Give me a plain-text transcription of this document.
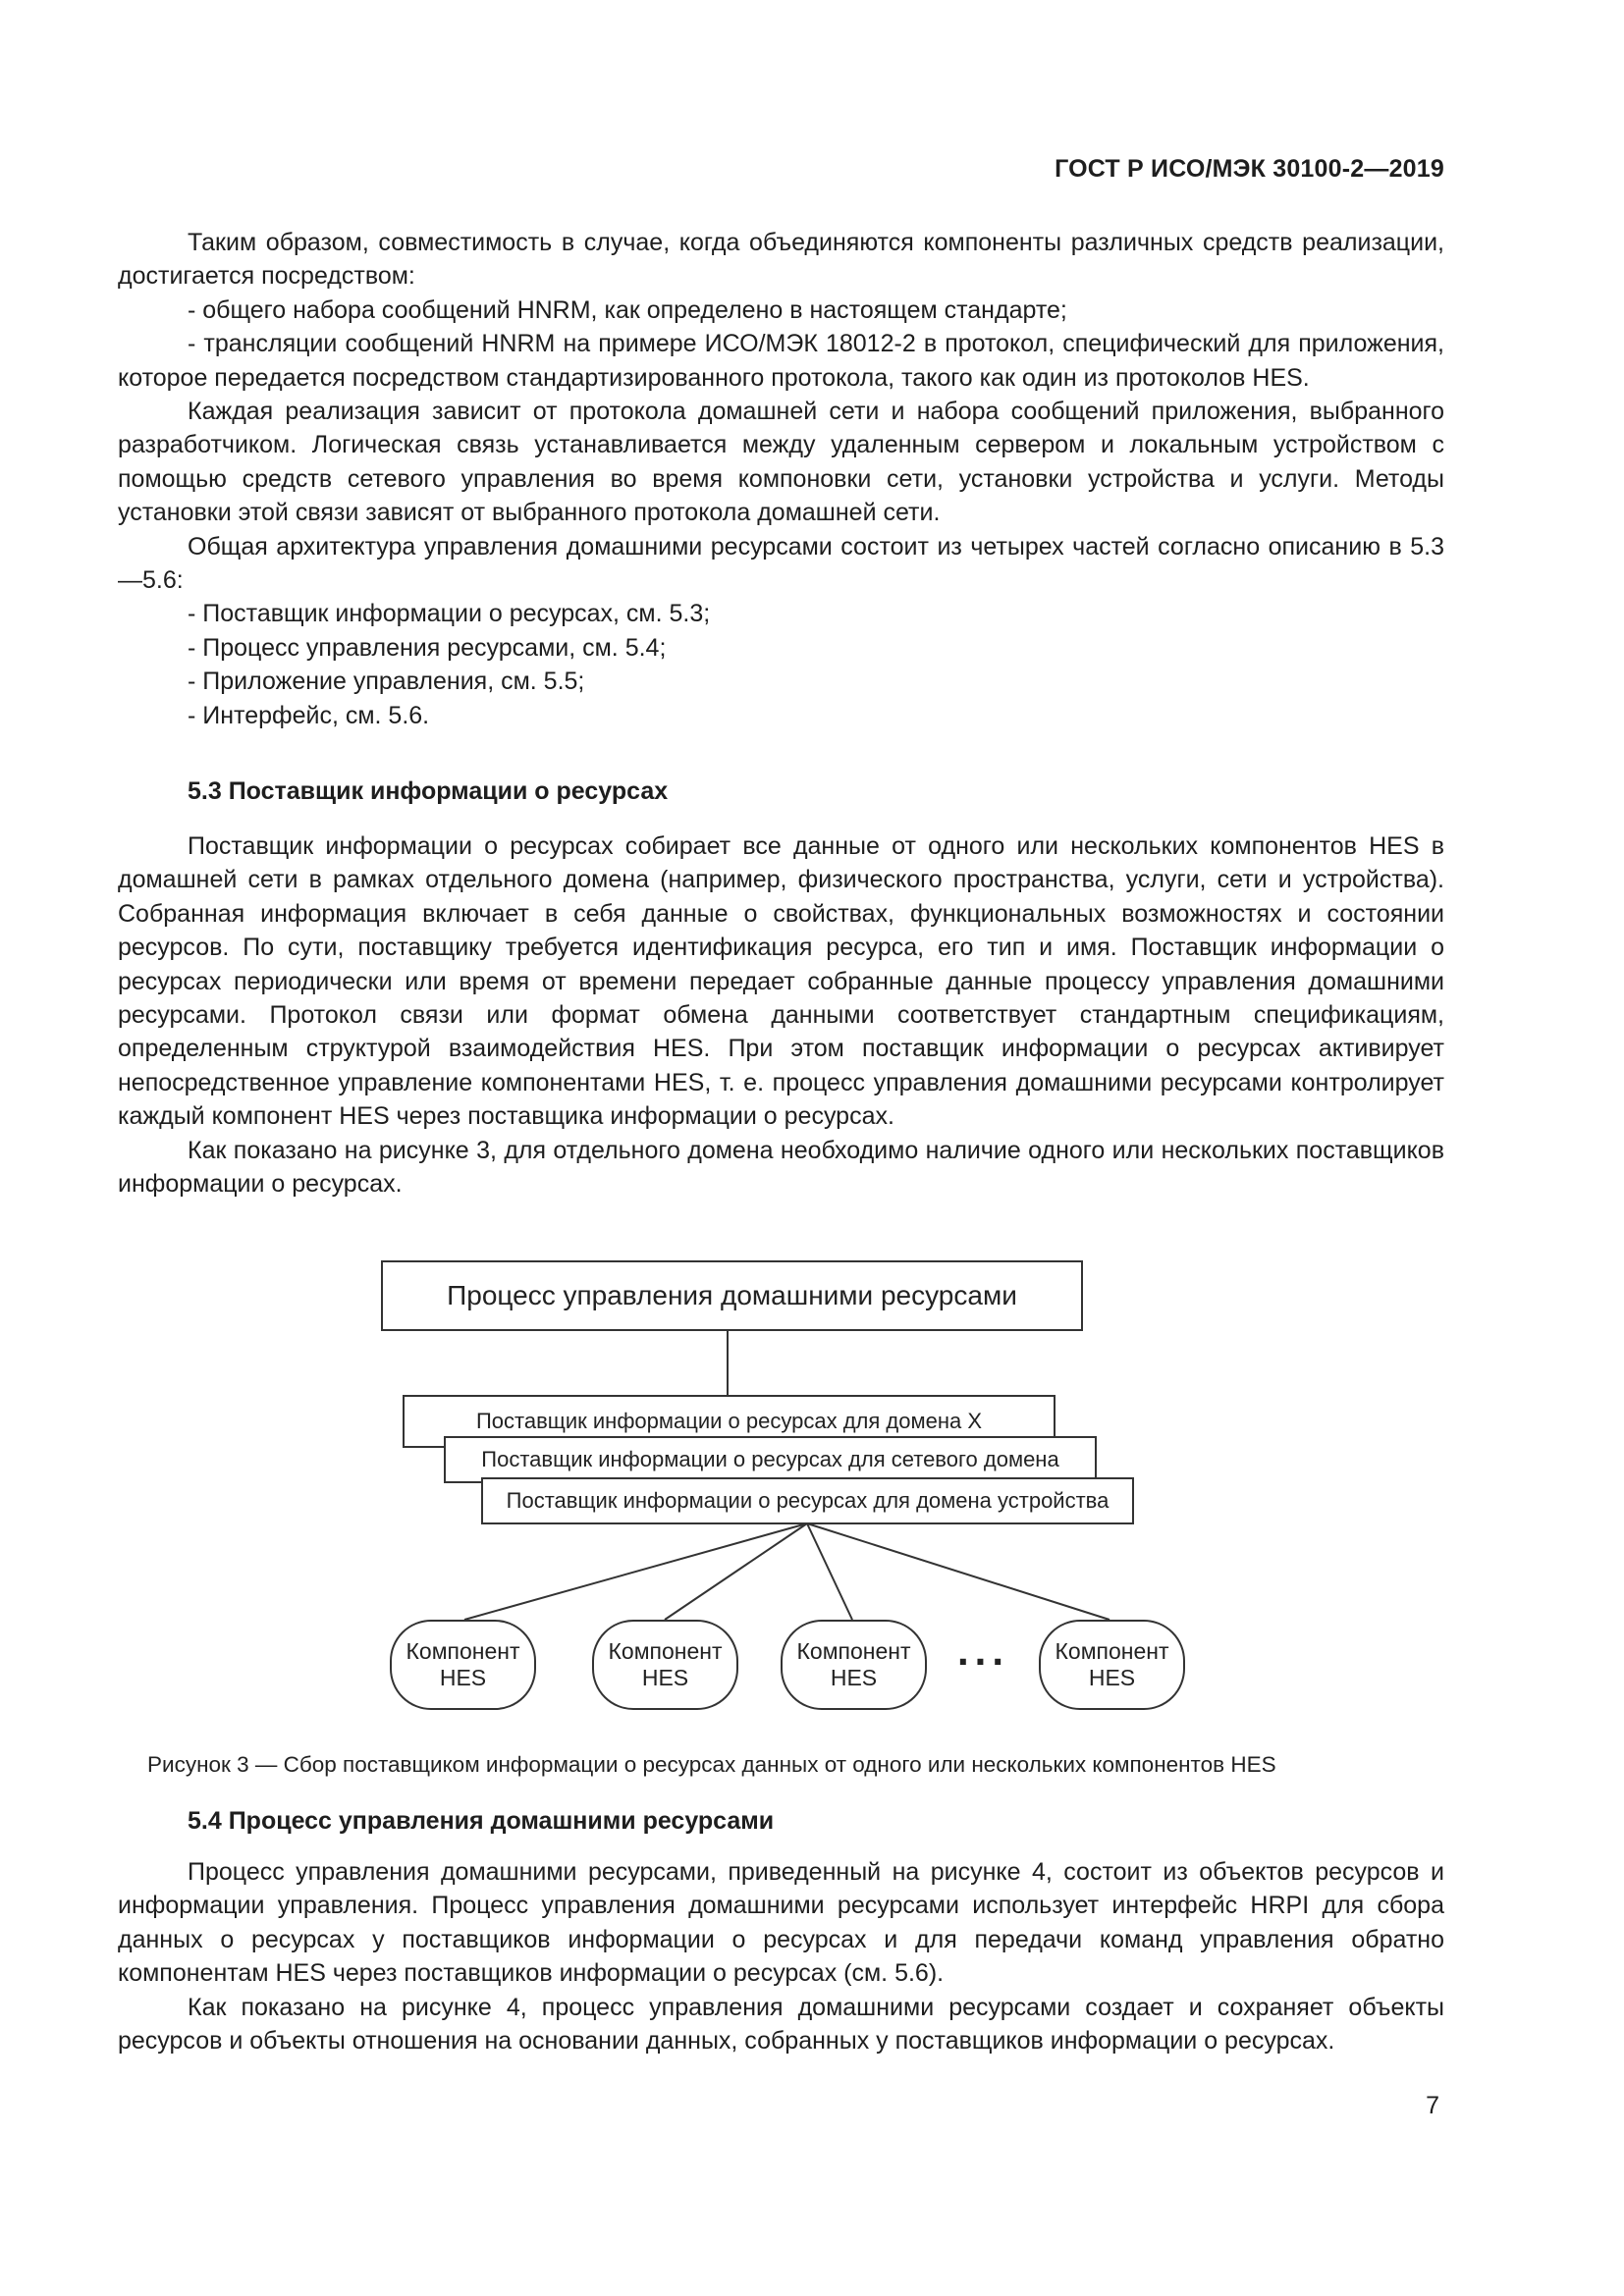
ГОСТ Р ИСО/МЭК 30100-2—2019

Таким образом, совместимость в случае, когда объединяются компоненты различных средств реализации, достигается посредством:

- общего набора сообщений HNRM, как определено в настоящем стандарте;

- трансляции сообщений HNRM на примере ИСО/МЭК 18012-2 в протокол, специфический для приложения, которое передается посредством стандартизированного протокола, такого как один из протоколов HES.

Каждая реализация зависит от протокола домашней сети и набора сообщений приложения, выбранного разработчиком. Логическая связь устанавливается между удаленным сервером и локальным устройством с помощью средств сетевого управления во время компоновки сети, установки устройства и услуги. Методы установки этой связи зависят от выбранного протокола домашней сети.

Общая архитектура управления домашними ресурсами состоит из четырех частей согласно описанию в 5.3—5.6:

- Поставщик информации о ресурсах, см. 5.3;
- Процесс управления ресурсами, см. 5.4;
- Приложение управления, см. 5.5;
- Интерфейс, см. 5.6.
5.3 Поставщик информации о ресурсах

Поставщик информации о ресурсах собирает все данные от одного или нескольких компонентов HES в домашней сети в рамках отдельного домена (например, физического пространства, услуги, сети и устройства). Собранная информация включает в себя данные о свойствах, функциональных возможностях и состоянии ресурсов. По сути, поставщику требуется идентификация ресурса, его тип и имя. Поставщик информации о ресурсах периодически или время от времени передает собранные данные процессу управления домашними ресурсами. Протокол связи или формат обмена данными соответствует стандартным спецификациям, определенным структурой взаимодействия HES. При этом поставщик информации о ресурсах активирует непосредственное управление компонентами HES, т. е. процесс управления домашними ресурсами контролирует каждый компонент HES через поставщика информации о ресурсах.

Как показано на рисунке 3, для отдельного домена необходимо наличие одного или нескольких поставщиков информации о ресурсах.

Процесс управления домашними ресурсами
Поставщик информации о ресурсах для домена X
Поставщик информации о ресурсах для сетевого домена
Поставщик информации о ресурсах для домена устройства
Компонент
HES
Компонент
HES
Компонент
HES
... Компонент
HES
Рисунок 3 — Сбор поставщиком информации о ресурсах данных от одного или нескольких компонентов HES
5.4 Процесс управления домашними ресурсами

Процесс управления домашними ресурсами, приведенный на рисунке 4, состоит из объектов ресурсов и информации управления. Процесс управления домашними ресурсами использует интерфейс HRPI для сбора данных о ресурсах у поставщиков информации о ресурсах и для передачи команд управления обратно компонентам HES через поставщиков информации о ресурсах (см. 5.6).

Как показано на рисунке 4, процесс управления домашними ресурсами создает и сохраняет объекты ресурсов и объекты отношения на основании данных, собранных у поставщиков информации о ресурсах.

7
